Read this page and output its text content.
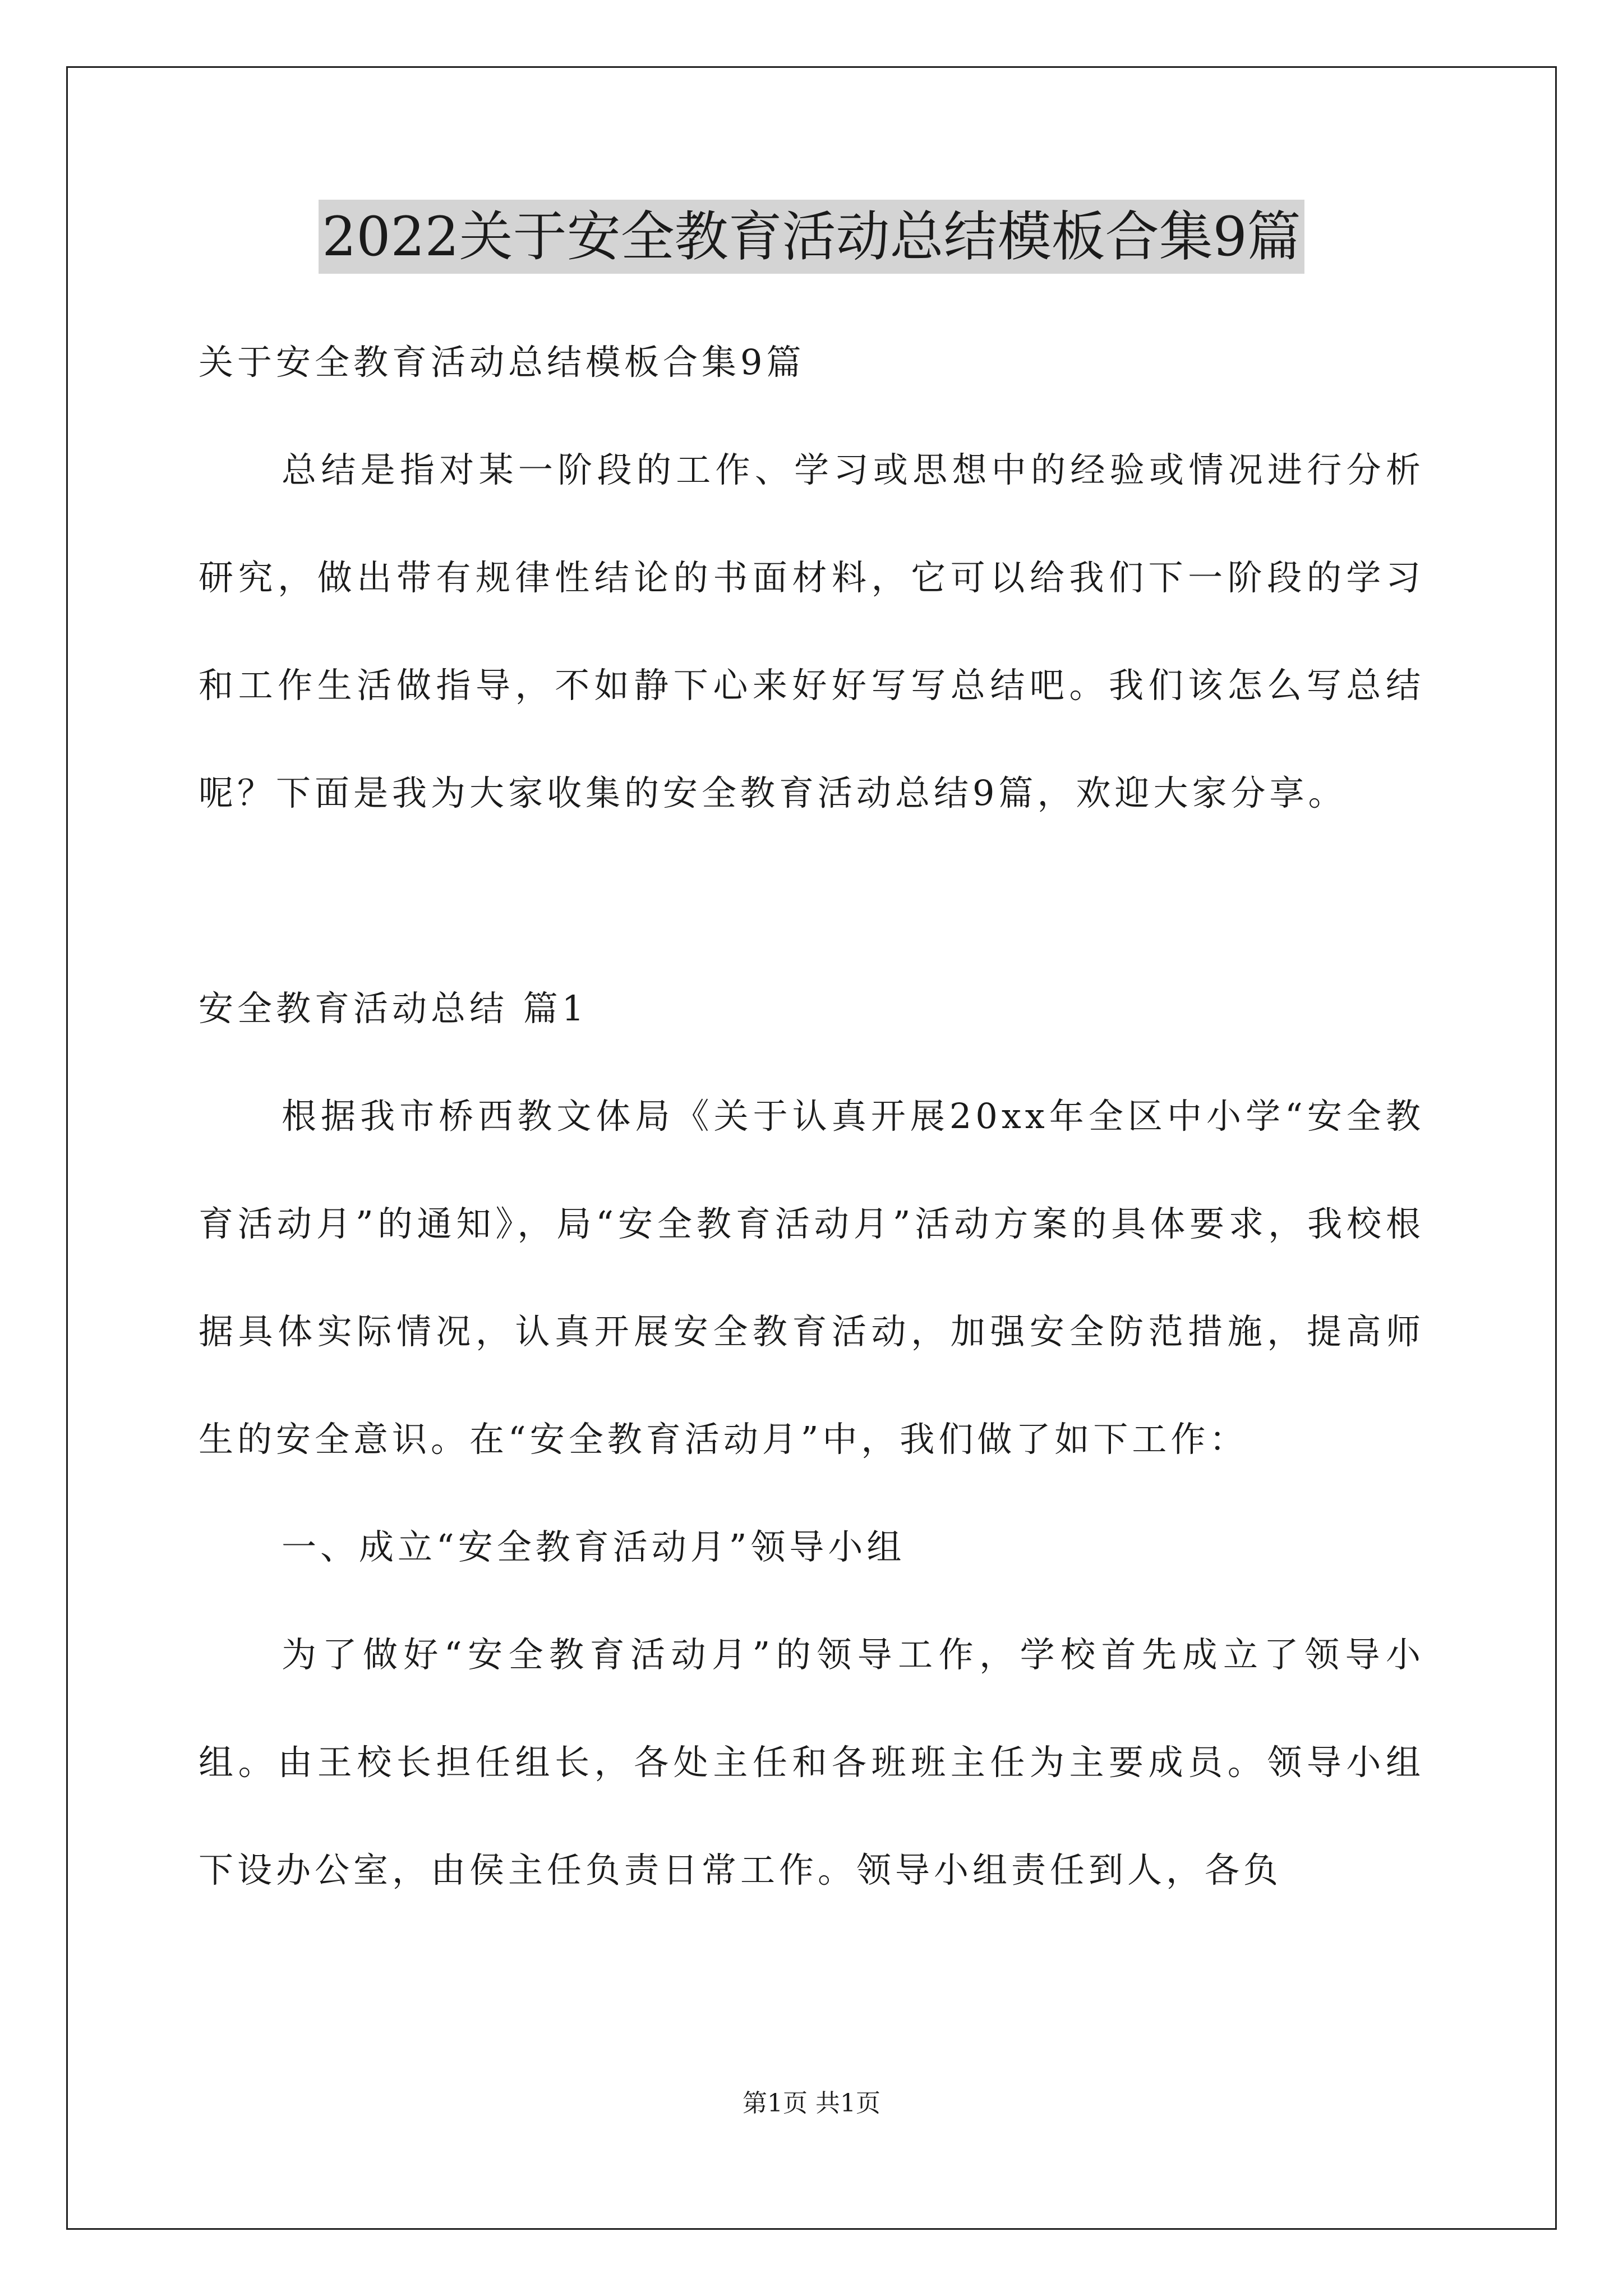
2022关于安全教育活动总结模板合集9篇

关于安全教育活动总结模板合集9篇

总结是指对某一阶段的工作、学习或思想中的经验或情况进行分析研究，做出带有规律性结论的书面材料，它可以给我们下一阶段的学习和工作生活做指导，不如静下心来好好写写总结吧。我们该怎么写总结呢？下面是我为大家收集的安全教育活动总结9篇，欢迎大家分享。

安全教育活动总结 篇1

根据我市桥西教文体局《关于认真开展20xx年全区中小学“安全教育活动月”的通知》，局“安全教育活动月”活动方案的具体要求，我校根据具体实际情况，认真开展安全教育活动，加强安全防范措施，提高师生的安全意识。在“安全教育活动月”中，我们做了如下工作：

一、成立“安全教育活动月”领导小组

为了做好“安全教育活动月”的领导工作，学校首先成立了领导小组。由王校长担任组长，各处主任和各班班主任为主要成员。领导小组下设办公室，由侯主任负责日常工作。领导小组责任到人，各负

第1页 共1页
